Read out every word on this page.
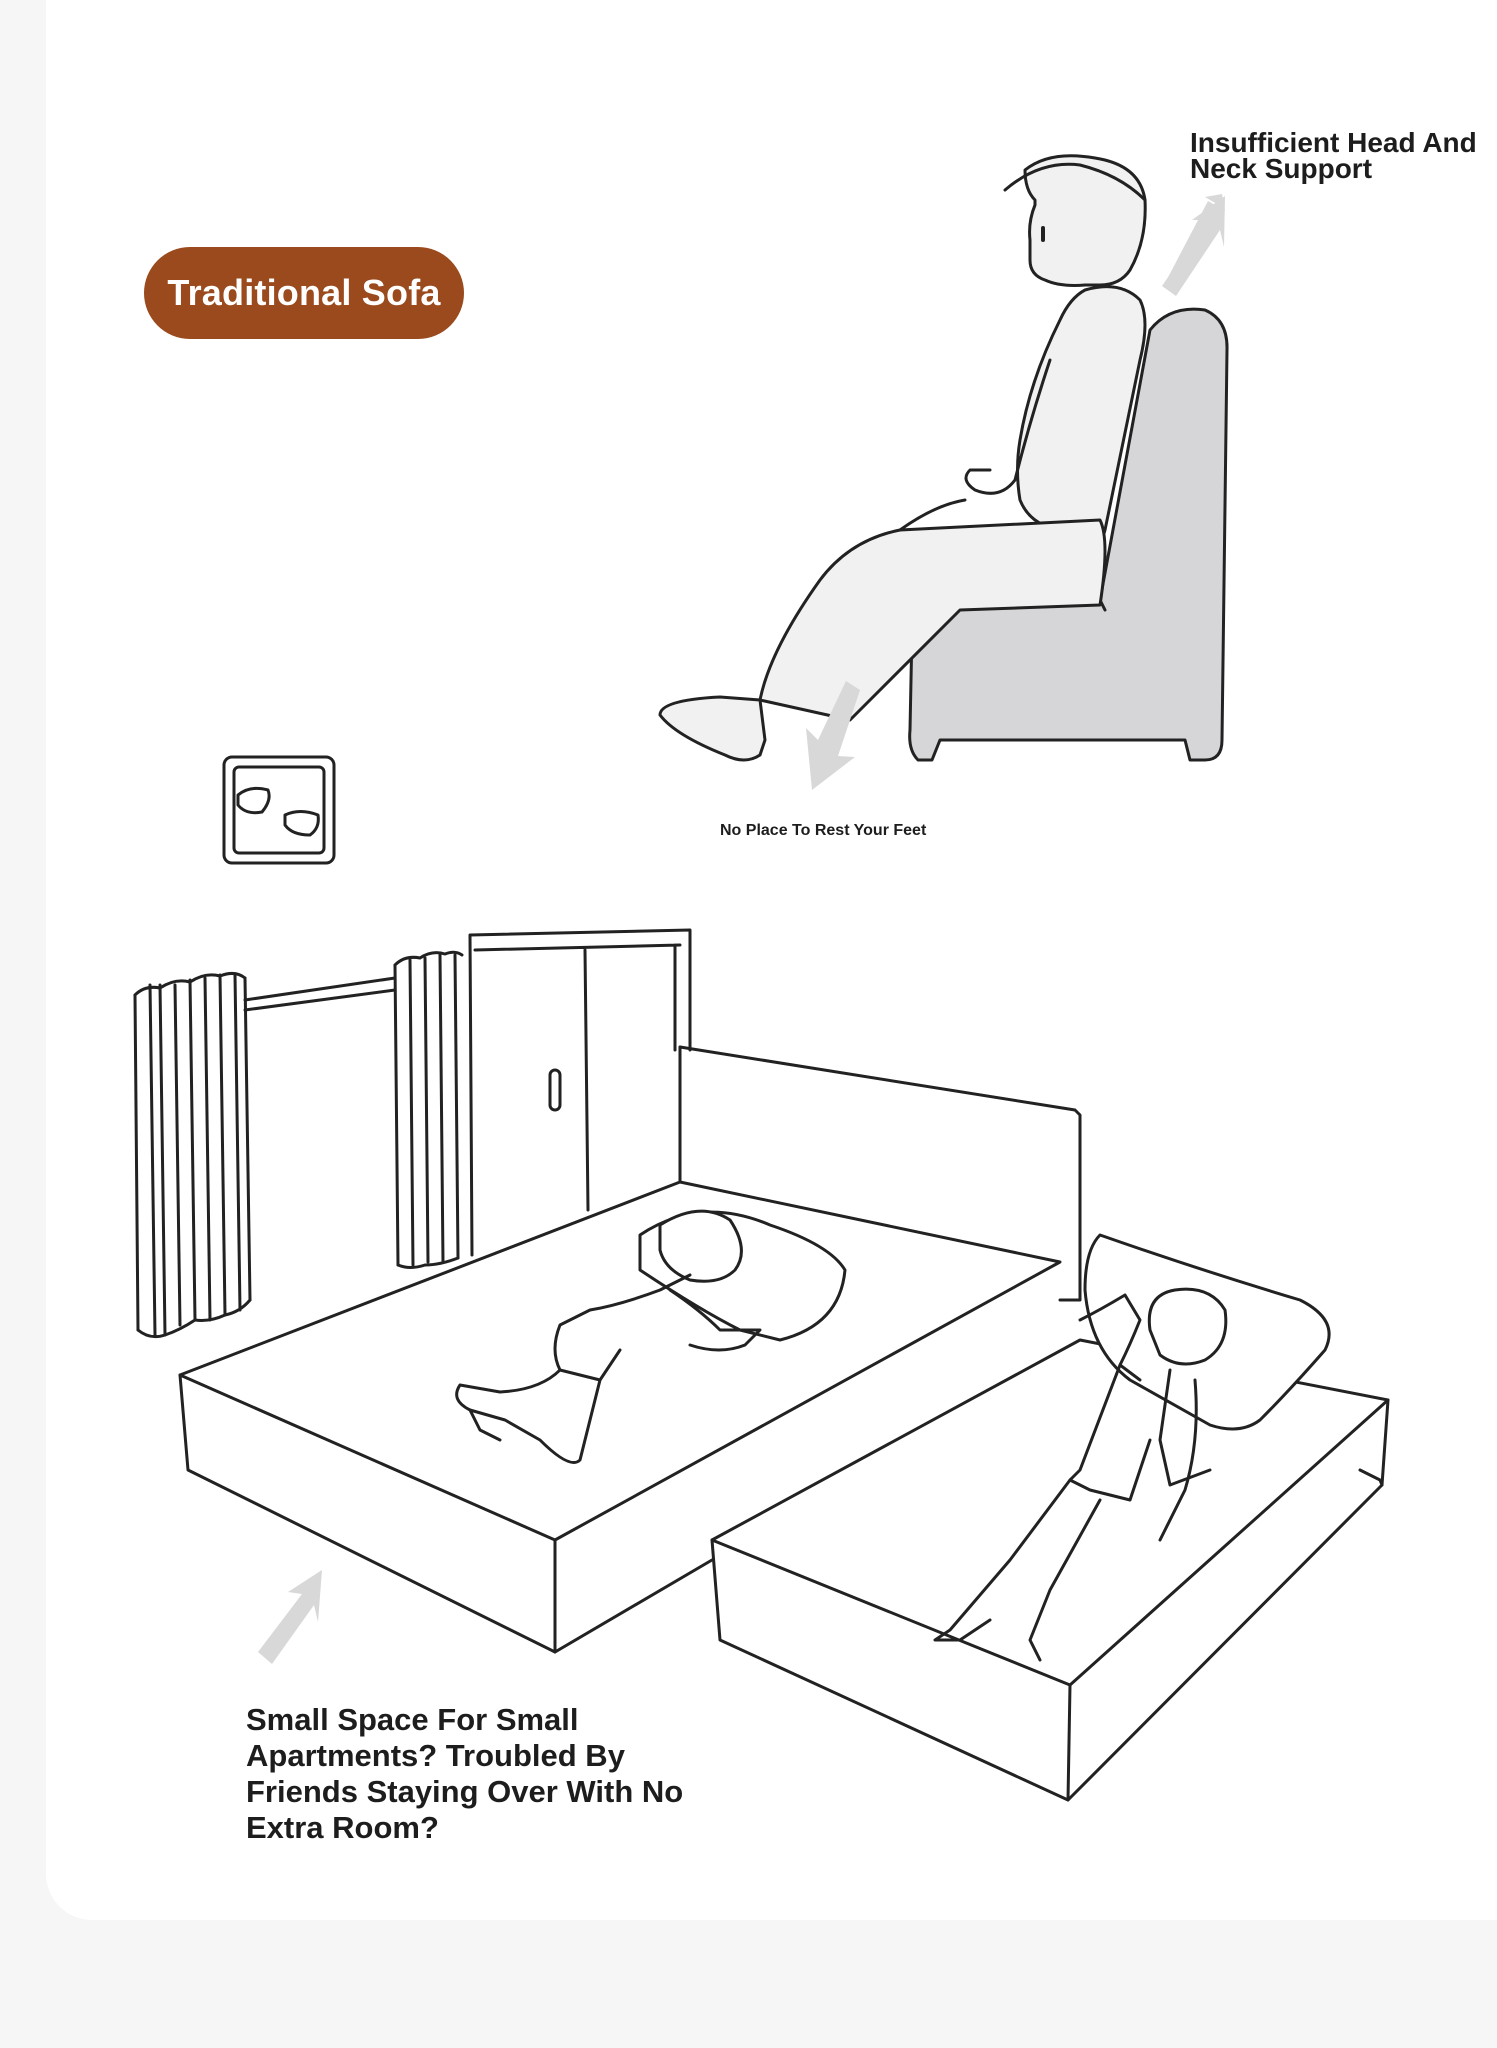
Traditional Sofa

Insufficient Head And Neck Support

No Place To Rest Your Feet

Small Space For Small Apartments? Troubled By Friends Staying Over With No Extra Room?
